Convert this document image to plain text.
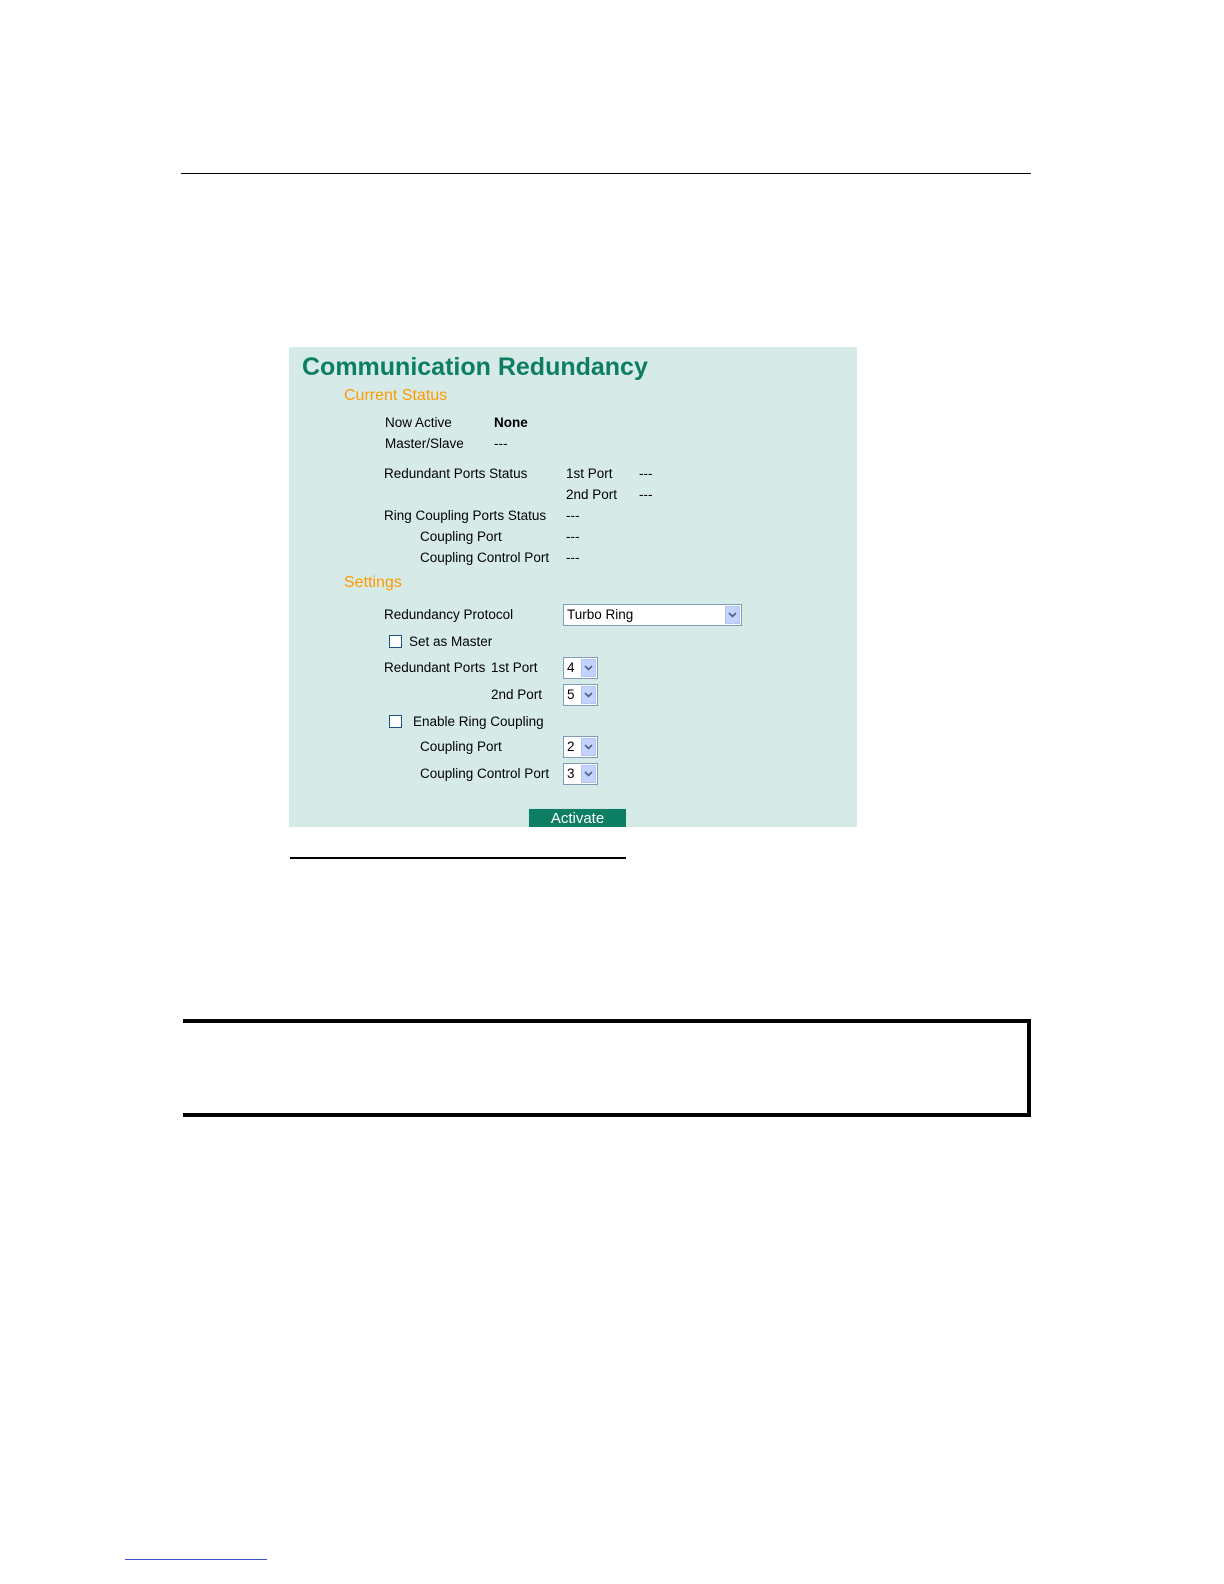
Communication Redundancy
Current Status
Now Active	None
Master/Slave ---
Redundant Ports Status	1st Port ---
2nd Port ---
Ring Coupling Ports Status ---
Coupling Port	---
Coupling Control Port ---
Settings
Redundancy Protocol	Turbo Ring
Set as Master
Redundant Ports 1st Port 4
2nd Port 5
Enable Ring Coupling
Coupling Port	2
Coupling Control Port 3
Activate
